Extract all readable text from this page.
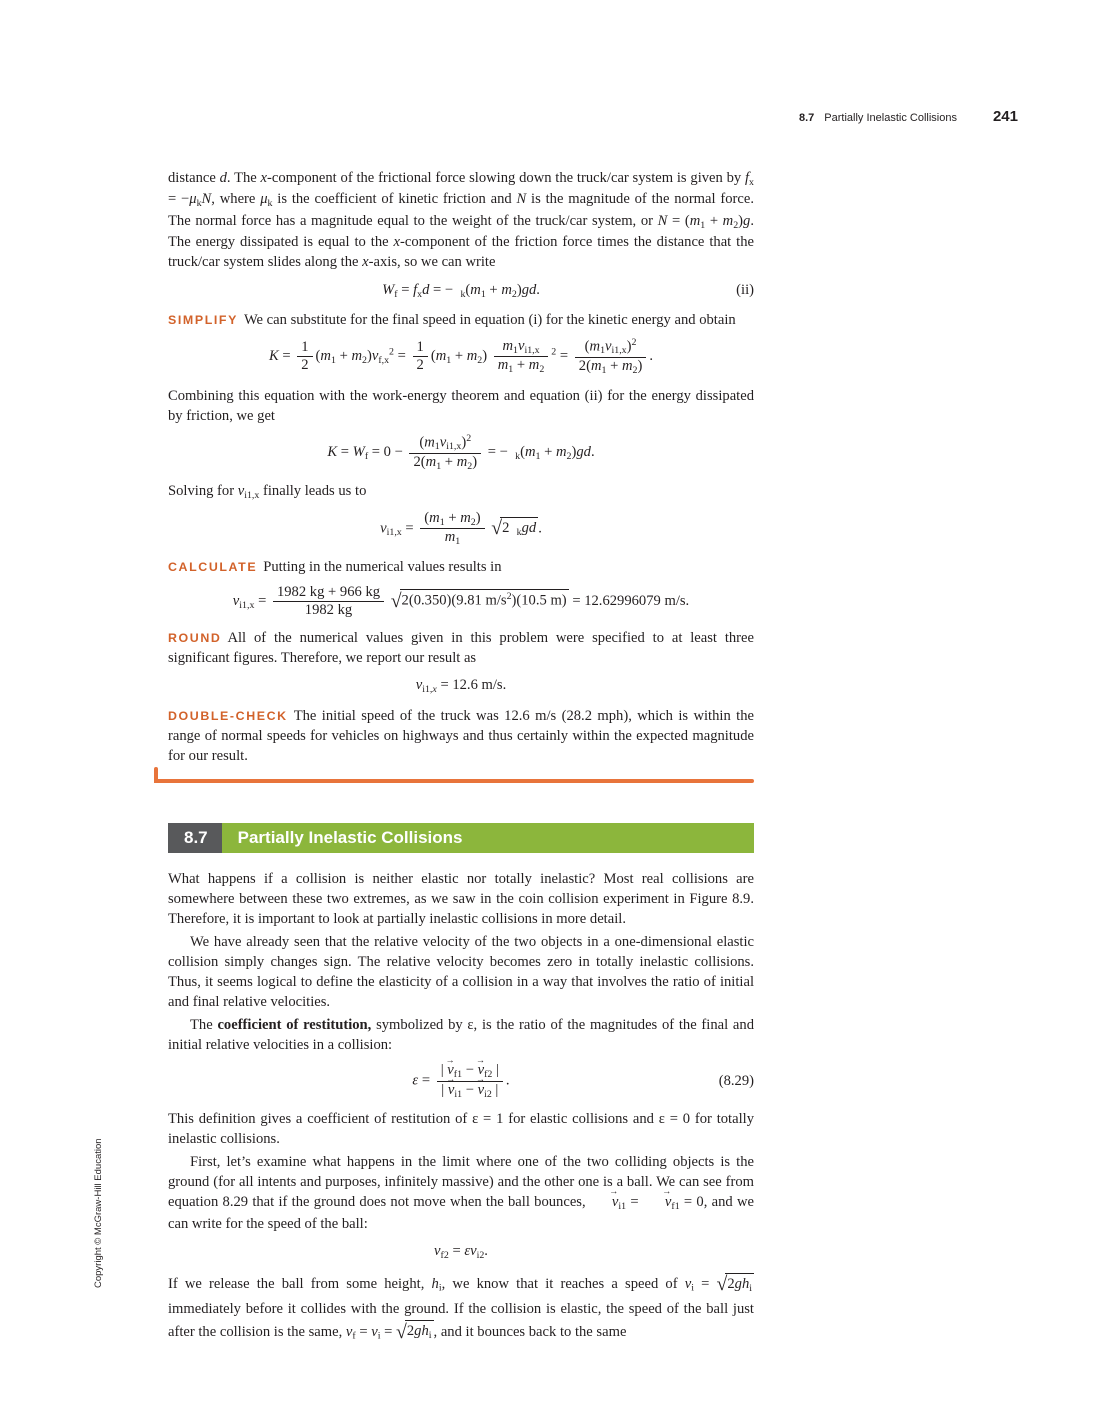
8.7 Partially Inelastic Collisions 241
Copyright © McGraw-Hill Education

distance d. The x-component of the frictional force slowing down the truck/car system is given by $f_x = -\mu_kN$, where $\mu_k$ is the coefficient of kinetic friction and N is the magnitude of the normal force. The normal force has a magnitude equal to the weight of the truck/car system, or $N = (m_1 + m_2)g$. The energy dissipated is equal to the x-component of the friction force times the distance that the truck/car system slides along the x-axis, so we can write

$W_f = f_xd$ = −  $_k(m_1 + m_2)gd$.	(ii)

SIMPLIFY We can substitute for the final speed in equation (i) for the kinetic energy and obtain

$K = \frac{1}{2} (m_1 + m_2)v_{f,x}^2 = \frac{1}{2} (m_1 + m_2) \frac{m_1v_{i1,x}}{m_1 + m_2} ^2 = \frac{(m_1v_{i1,x})^2}{2(m_1 + m_2)}$ .

Combining this equation with the work-energy theorem and equation (ii) for the energy dissipated by friction, we get

$K = W_f = 0 - \frac{(m_1v_{i1,x})^2}{2(m_1 + m_2)}$ = −  $_k(m_1 + m_2)gd$.

Solving for $v_{i1,x}$ finally leads us to

$v_{i1,x} = \frac{(m_1 + m_2)}{m_1} √2$  $_k$gd .

CALCULATE Putting in the numerical values results in

$v_{i1,x} = \frac{1982 kg + 966 kg}{1982 kg} √2(0.350)(9.81$ $m/s^2)(10.5$ m) = 12.62996079 m/s.

ROUND All of the numerical values given in this problem were specified to at least three significant figures. Therefore, we report our result as

$v_{i1,x} = 12.6$ m/s.

DOUBLE-CHECK The initial speed of the truck was 12.6 m/s (28.2 mph), which is within the range of normal speeds for vehicles on highways and thus certainly within the expected magnitude for our result.

8.7	Partially Inelastic Collisions

What happens if a collision is neither elastic nor totally inelastic? Most real collisions are somewhere between these two extremes, as we saw in the coin collision experiment in Figure 8.9. Therefore, it is important to look at partially inelastic collisions in more detail.

We have already seen that the relative velocity of the two objects in a one-dimensional elastic collision simply changes sign. The relative velocity becomes zero in totally inelastic collisions. Thus, it seems logical to define the elasticity of a collision in a way that involves the ratio of initial and final relative velocities.

The coefficient of restitution, symbolized by ε, is the ratio of the magnitudes of the final and initial relative velocities in a collision:

$\varepsilon = \frac{| v \to_{f1} - v \to_{f2} |}{| v \to_{i1} - v \to_{i2} |}$ .	(8.29)

This definition gives a coefficient of restitution of ε = 1 for elastic collisions and ε = 0 for totally inelastic collisions.

First, let’s examine what happens in the limit where one of the two colliding objects is the ground (for all intents and purposes, infinitely massive) and the other one is a ball. We can see from equation 8.29 that if the ground does not move when the ball bounces, $v \to_{i1} = v \to_{f1} = 0$, and we can write for the speed of the ball:

$v_{f2} = \varepsilon v_{i2}$.

If we release the ball from some height, $h_i$, we know that it reaches a speed of $v_i = √2gh_i$ immediately before it collides with the ground. If the collision is elastic, the speed of the ball just after the collision is the same, $v_f = v_i = √2gh_i$ , and it bounces back to the same
